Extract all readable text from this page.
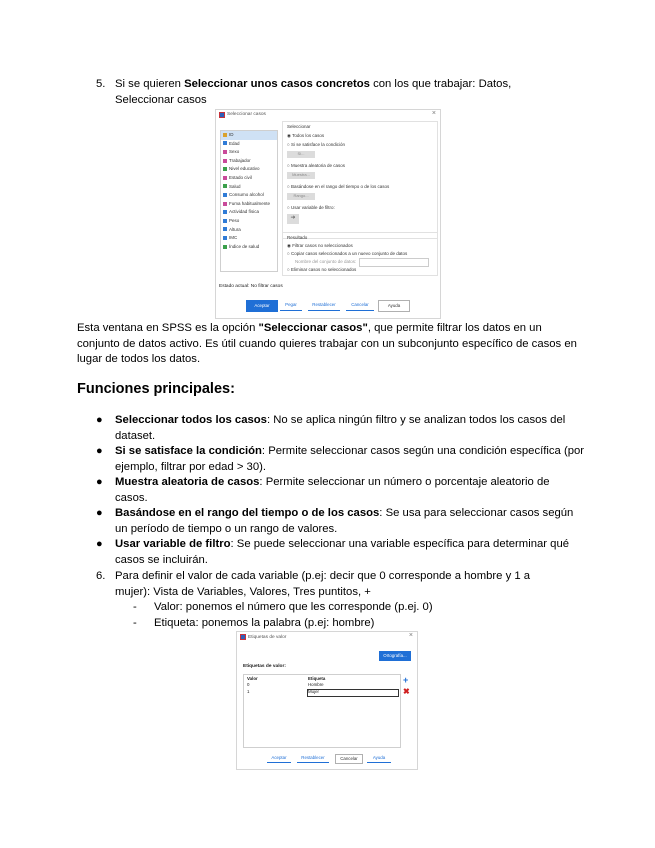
5. Si se quieren Seleccionar unos casos concretos con los que trabajar: Datos, Seleccionar casos
Seleccionar casos	×
ID
Edad
Sexo
Trabajador
Nivel educativo
Estado civil
Salud
Consumo alcohol
Fuma habitualmente
Actividad física
Peso
Altura
IMC
Índice de salud
Seleccionar
◉ Todos los casos
○ Si se satisface la condición
Si...
○ Muestra aleatoria de casos
Muestra...
○ Basándose en el rango del tiempo o de los casos
Rango...
○ Usar variable de filtro:
➜
Resultado
◉ Filtrar casos no seleccionados
○ Copiar casos seleccionados a un nuevo conjunto de datos
Nombre del conjunto de datos:
○ Eliminar casos no seleccionados
Estado actual: No filtrar casos
Aceptar	Pegar	Restablecer	Cancelar	Ayuda
Esta ventana en SPSS es la opción "Seleccionar casos", que permite filtrar los datos en un conjunto de datos activo. Es útil cuando quieres trabajar con un subconjunto específico de casos en lugar de todos los datos.
Funciones principales:
● Seleccionar todos los casos: No se aplica ningún filtro y se analizan todos los casos del dataset.
● Si se satisface la condición: Permite seleccionar casos según una condición específica (por ejemplo, filtrar por edad > 30).
● Muestra aleatoria de casos: Permite seleccionar un número o porcentaje aleatorio de casos.
● Basándose en el rango del tiempo o de los casos: Se usa para seleccionar casos según un período de tiempo o un rango de valores.
● Usar variable de filtro: Se puede seleccionar una variable específica para determinar qué casos se incluirán.
6. Para definir el valor de cada variable (p.ej: decir que 0 corresponde a hombre y 1 a mujer): Vista de Variables, Valores, Tres puntitos, +
- Valor: ponemos el número que les corresponde (p.ej. 0)
- Etiqueta: ponemos la palabra (p.ej: hombre)
Etiquetas de valor	×
Ortografía...
Etiquetas de valor:
Valor	Etiqueta
0	Hombre
1	Mujer
+
✖
Aceptar	Restablecer	Cancelar	Ayuda
